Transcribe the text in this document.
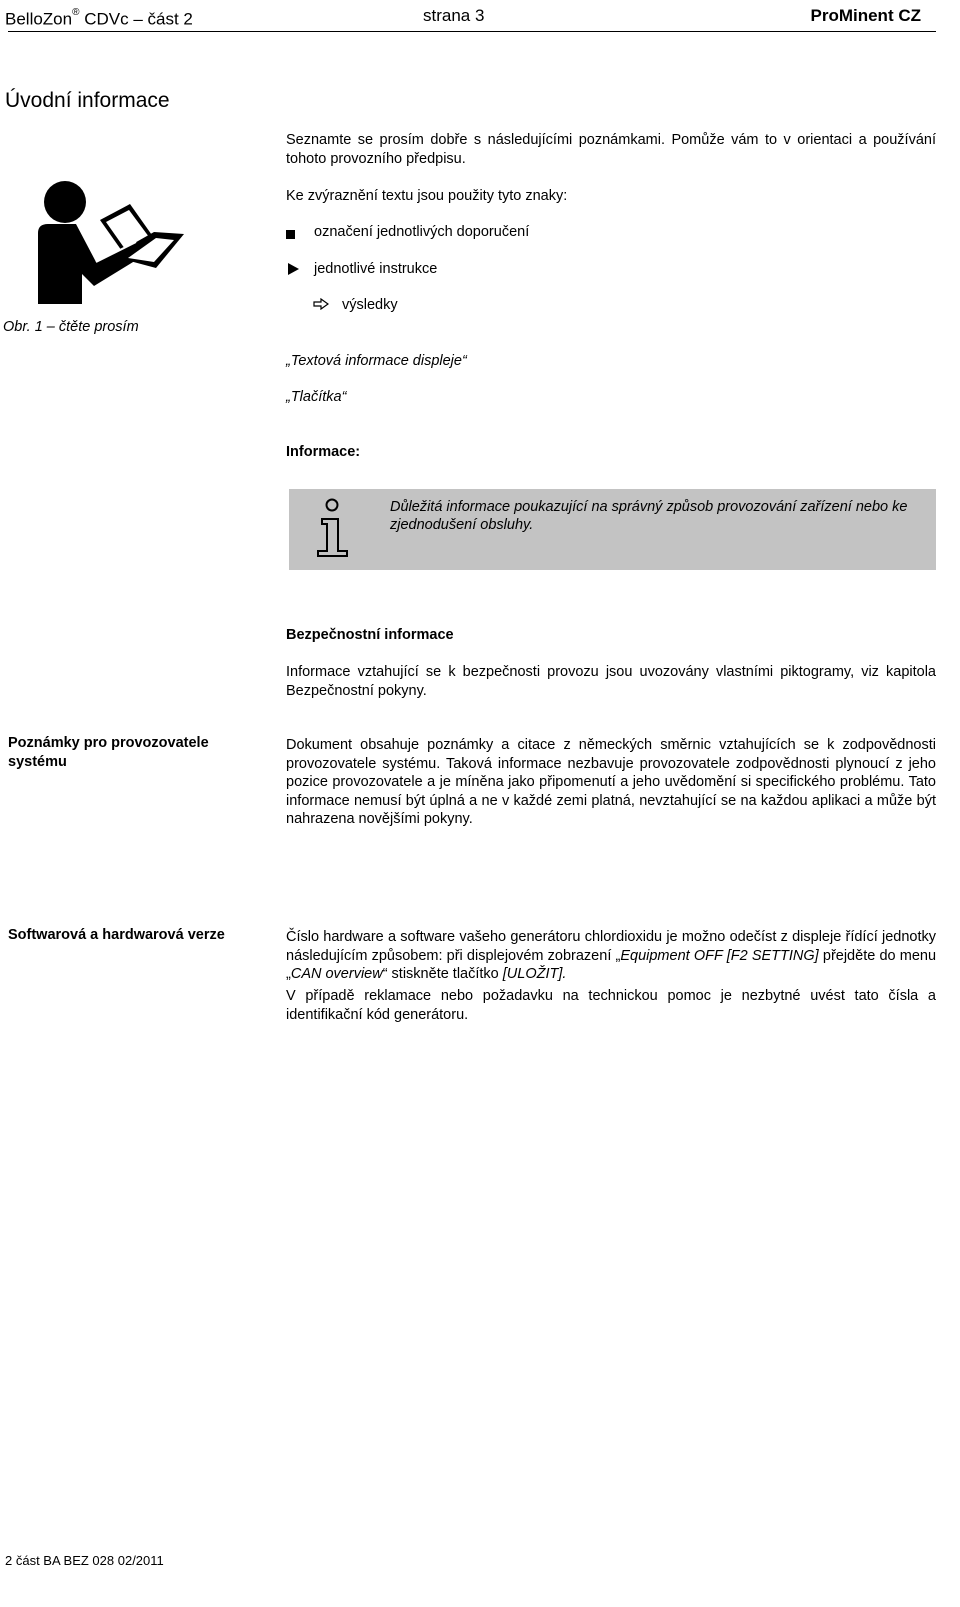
BelloZon® CDVc – část 2	strana 3	ProMinent CZ
Úvodní informace
Obr. 1 – čtěte prosím
Seznamte se prosím dobře s následujícími poznámkami. Pomůže vám to v orientaci a používání tohoto provozního předpisu.
Ke zvýraznění textu jsou použity tyto znaky:
označení jednotlivých doporučení
jednotlivé instrukce
výsledky
„Textová informace displeje“
„Tlačítka“
Informace:
Důležitá informace poukazující na správný způsob provozování zařízení nebo ke zjednodušení obsluhy.
Bezpečnostní informace
Informace vztahující se k bezpečnosti provozu jsou uvozovány vlastními piktogramy, viz kapitola Bezpečnostní pokyny.
Poznámky pro provozovatele systému
Dokument obsahuje poznámky a citace z německých směrnic vztahujících se k zodpovědnosti provozovatele systému. Taková informace nezbavuje provozovatele zodpovědnosti plynoucí z jeho pozice provozovatele a je míněna jako připomenutí a jeho uvědomění si specifického problému. Tato informace nemusí být úplná a ne v každé zemi platná, nevztahující se na každou aplikaci a může být nahrazena novějšími pokyny.
Softwarová a hardwarová verze	Číslo hardware a software vašeho generátoru chlordioxidu je možno odečíst z displeje řídící jednotky následujícím způsobem: při displejovém zobrazení „Equipment OFF [F2 SETTING] přejděte do menu „CAN overview“ stiskněte tlačítko [ULOŽIT].
V případě reklamace nebo požadavku na technickou pomoc je nezbytné uvést tato čísla a identifikační kód generátoru.
2 část BA BEZ 028 02/2011
